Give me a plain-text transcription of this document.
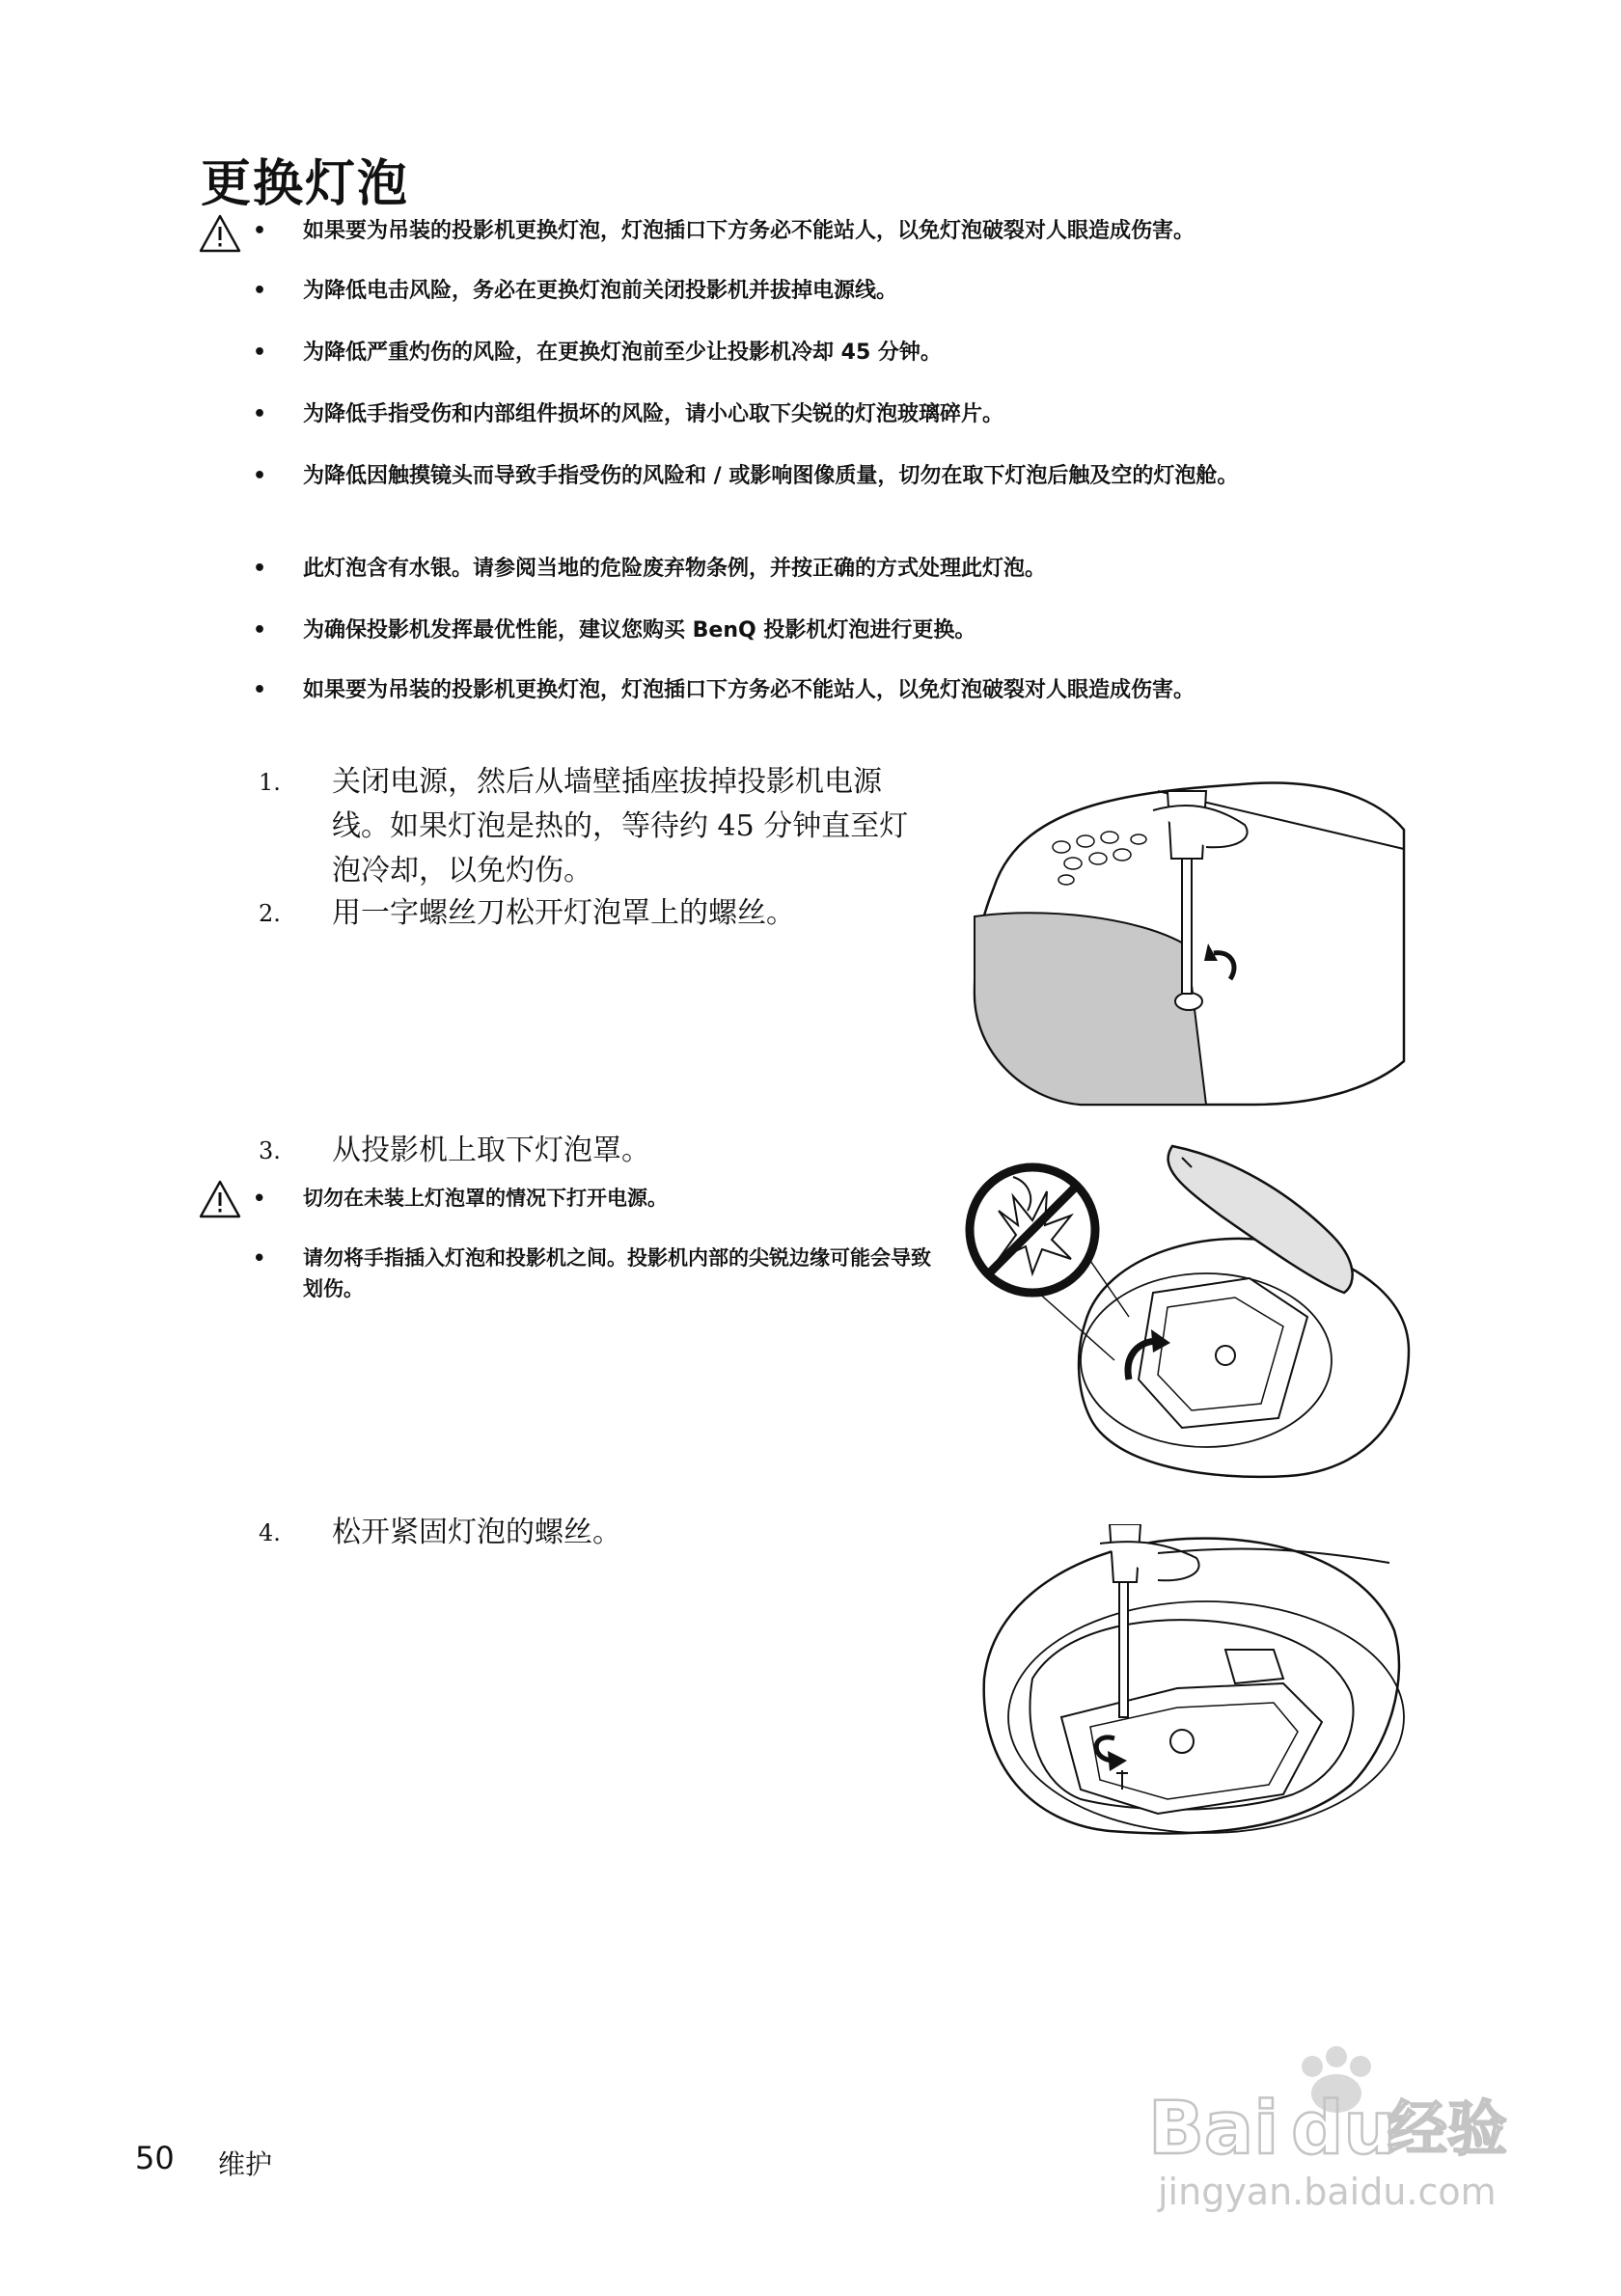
更换灯泡
• 如果要为吊装的投影机更换灯泡，灯泡插口下方务必不能站人，以免灯泡破裂对人眼造成伤害。
• 为降低电击风险，务必在更换灯泡前关闭投影机并拔掉电源线。
• 为降低严重灼伤的风险，在更换灯泡前至少让投影机冷却 45 分钟。
• 为降低手指受伤和内部组件损坏的风险，请小心取下尖锐的灯泡玻璃碎片。
• 为降低因触摸镜头而导致手指受伤的风险和 / 或影响图像质量，切勿在取下灯泡后触及空的灯泡舱。
• 此灯泡含有水银。请参阅当地的危险废弃物条例，并按正确的方式处理此灯泡。
• 为确保投影机发挥最优性能，建议您购买 BenQ 投影机灯泡进行更换。
• 如果要为吊装的投影机更换灯泡，灯泡插口下方务必不能站人，以免灯泡破裂对人眼造成伤害。
1. 关闭电源，然后从墙壁插座拔掉投影机电源线。如果灯泡是热的，等待约 45 分钟直至灯泡冷却，以免灼伤。
2. 用一字螺丝刀松开灯泡罩上的螺丝。
3. 从投影机上取下灯泡罩。
• 切勿在未装上灯泡罩的情况下打开电源。
• 请勿将手指插入灯泡和投影机之间。投影机内部的尖锐边缘可能会导致划伤。
4. 松开紧固灯泡的螺丝。
Bai du
经验
jingyan.baidu.com
50 维护
